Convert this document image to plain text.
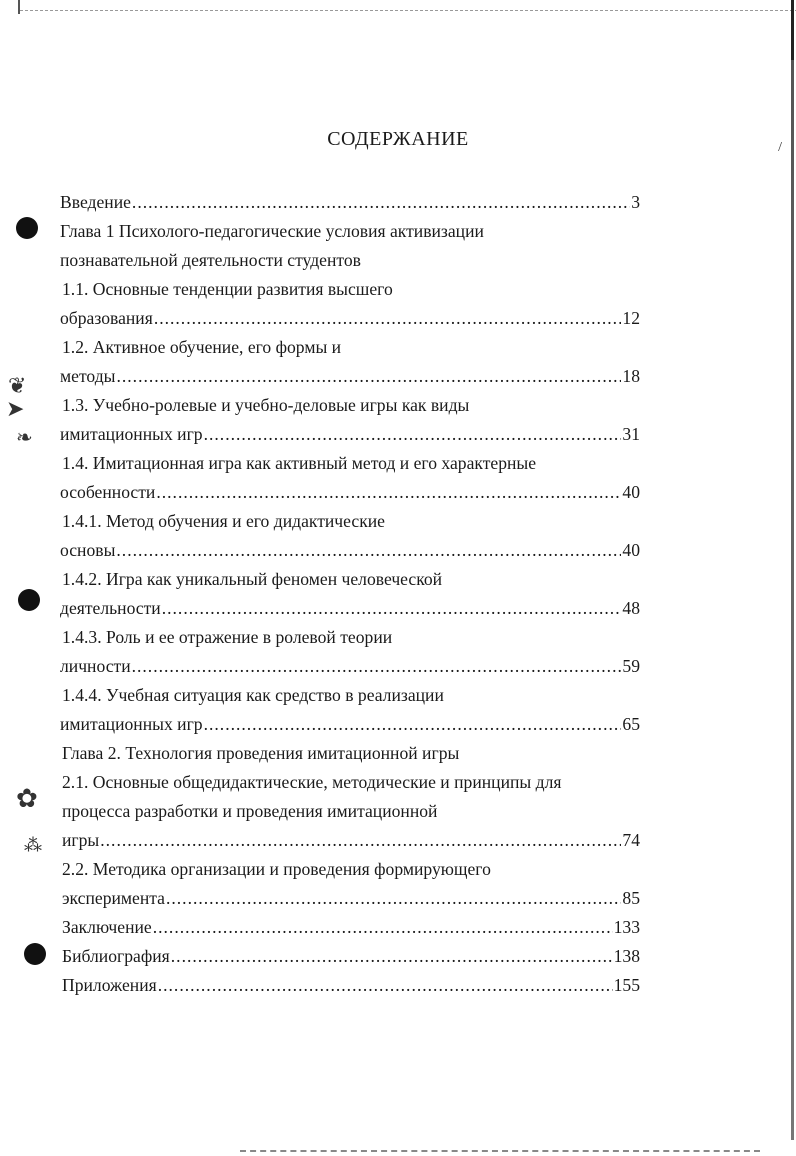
/
❦
➤
❧
✿
⁂
СОДЕРЖАНИЕ
Введение .....	3
Глава 1 Психолого-педагогические условия активизации
познавательной деятельности студентов
1.1. Основные тенденции развития высшего
образования .....	12
1.2. Активное обучение, его формы и
методы .....	18
1.3. Учебно-ролевые и учебно-деловые игры как виды
имитационных игр .....	31
1.4. Имитационная игра как активный метод и его характерные
особенности .....	40
1.4.1. Метод обучения и его дидактические
основы .....	40
1.4.2. Игра как уникальный феномен человеческой
деятельности .....	48
1.4.3. Роль и ее отражение в ролевой теории
личности .....	59
1.4.4. Учебная ситуация как средство в реализации
имитационных игр .....	65
Глава 2. Технология проведения имитационной игры
2.1. Основные общедидактические, методические и принципы для
процесса разработки и проведения имитационной
игры .....	74
2.2. Методика организации и проведения формирующего
эксперимента .....	85
Заключение .....	133
Библиография .....	138
Приложения .....	155
